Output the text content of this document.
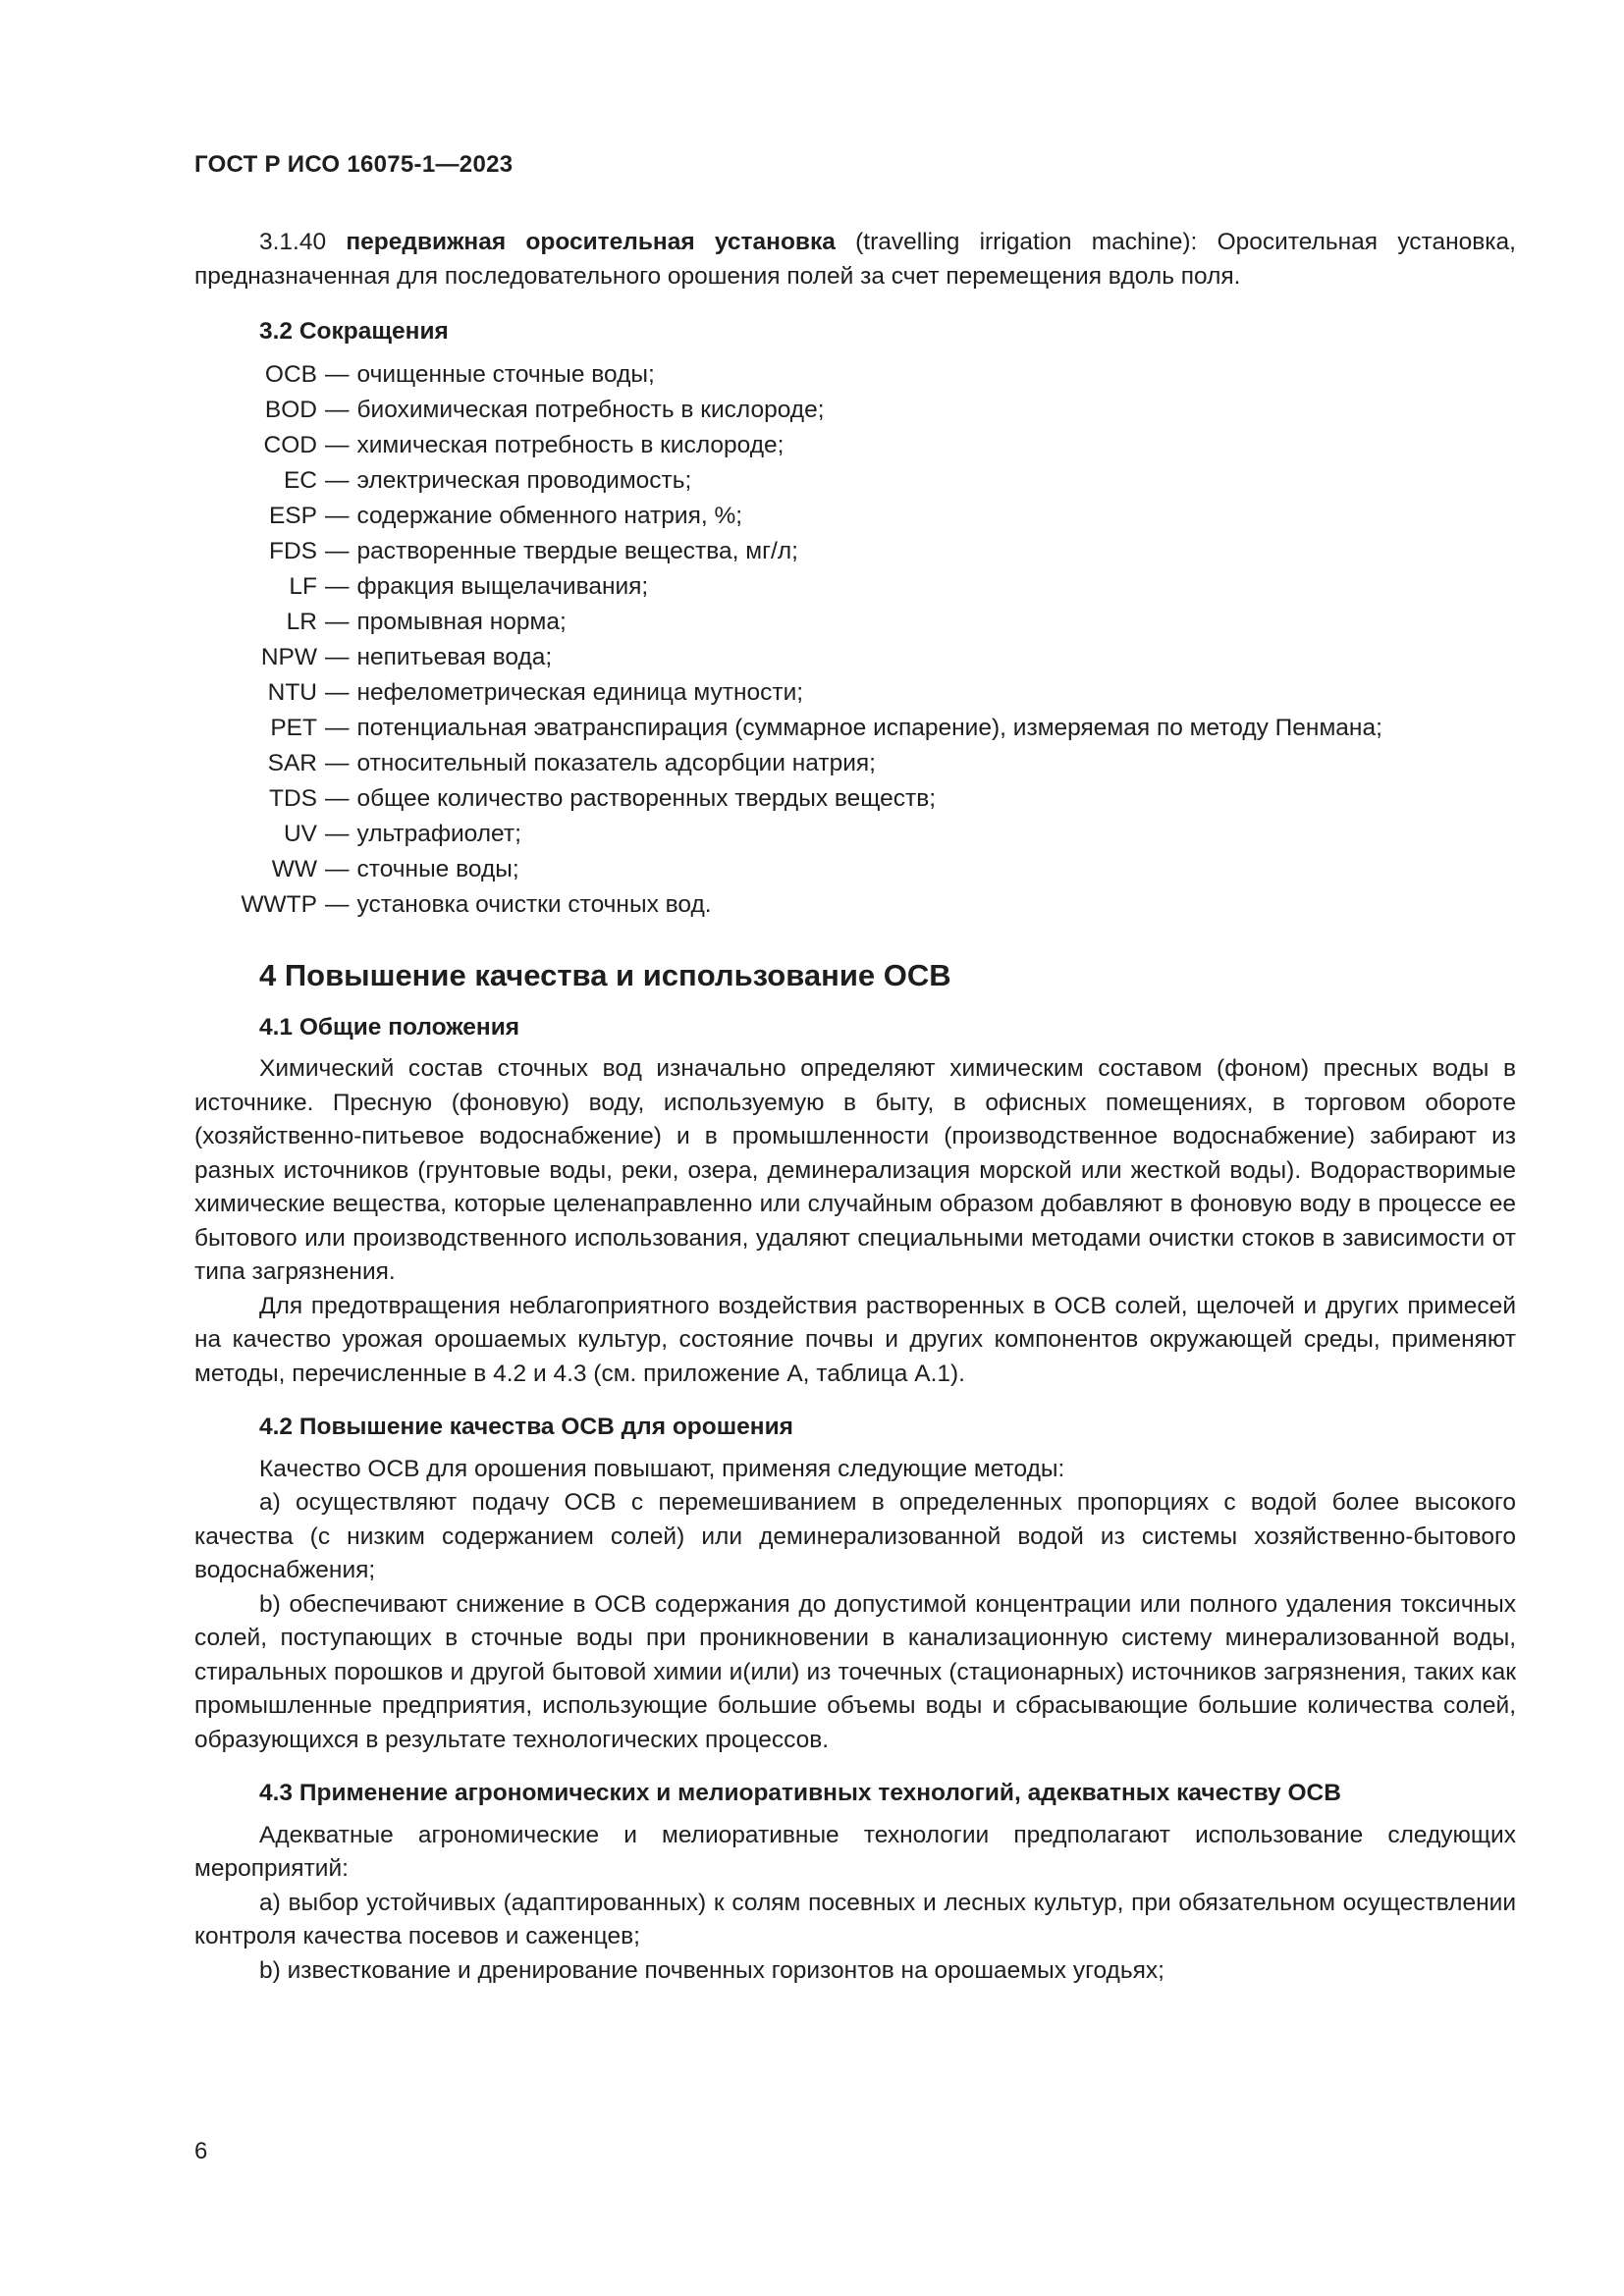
ГОСТ Р ИСО 16075-1—2023

3.1.40 передвижная оросительная установка (travelling irrigation machine): Оросительная установка, предназначенная для последовательного орошения полей за счет перемещения вдоль поля.

3.2 Сокращения
ОСВ — очищенные сточные воды;
BOD — биохимическая потребность в кислороде;
COD — химическая потребность в кислороде;
EC — электрическая проводимость;
ESP — содержание обменного натрия, %;
FDS — растворенные твердые вещества, мг/л;
LF — фракция выщелачивания;
LR — промывная норма;
NPW — непитьевая вода;
NTU — нефелометрическая единица мутности;
PET — потенциальная эватранспирация (суммарное испарение), измеряемая по методу Пенмана;
SAR — относительный показатель адсорбции натрия;
TDS — общее количество растворенных твердых веществ;
UV — ультрафиолет;
WW — сточные воды;
WWTP — установка очистки сточных вод.
4 Повышение качества и использование ОСВ
4.1 Общие положения

Химический состав сточных вод изначально определяют химическим составом (фоном) пресных воды в источнике. Пресную (фоновую) воду, используемую в быту, в офисных помещениях, в торговом обороте (хозяйственно-питьевое водоснабжение) и в промышленности (производственное водоснабжение) забирают из разных источников (грунтовые воды, реки, озера, деминерализация морской или жесткой воды). Водорастворимые химические вещества, которые целенаправленно или случайным образом добавляют в фоновую воду в процессе ее бытового или производственного использования, удаляют специальными методами очистки стоков в зависимости от типа загрязнения.

Для предотвращения неблагоприятного воздействия растворенных в ОСВ солей, щелочей и других примесей на качество урожая орошаемых культур, состояние почвы и других компонентов окружающей среды, применяют методы, перечисленные в 4.2 и 4.3 (см. приложение А, таблица А.1).

4.2 Повышение качества ОСВ для орошения

Качество ОСВ для орошения повышают, применяя следующие методы:

а) осуществляют подачу ОСВ с перемешиванием в определенных пропорциях с водой более высокого качества (с низким содержанием солей) или деминерализованной водой из системы хозяйственно-бытового водоснабжения;

b) обеспечивают снижение в ОСВ содержания до допустимой концентрации или полного удаления токсичных солей, поступающих в сточные воды при проникновении в канализационную систему минерализованной воды, стиральных порошков и другой бытовой химии и(или) из точечных (стационарных) источников загрязнения, таких как промышленные предприятия, использующие большие объемы воды и сбрасывающие большие количества солей, образующихся в результате технологических процессов.

4.3 Применение агрономических и мелиоративных технологий, адекватных качеству ОСВ

Адекватные агрономические и мелиоративные технологии предполагают использование следующих мероприятий:

а) выбор устойчивых (адаптированных) к солям посевных и лесных культур, при обязательном осуществлении контроля качества посевов и саженцев;

b) известкование и дренирование почвенных горизонтов на орошаемых угодьях;

6
